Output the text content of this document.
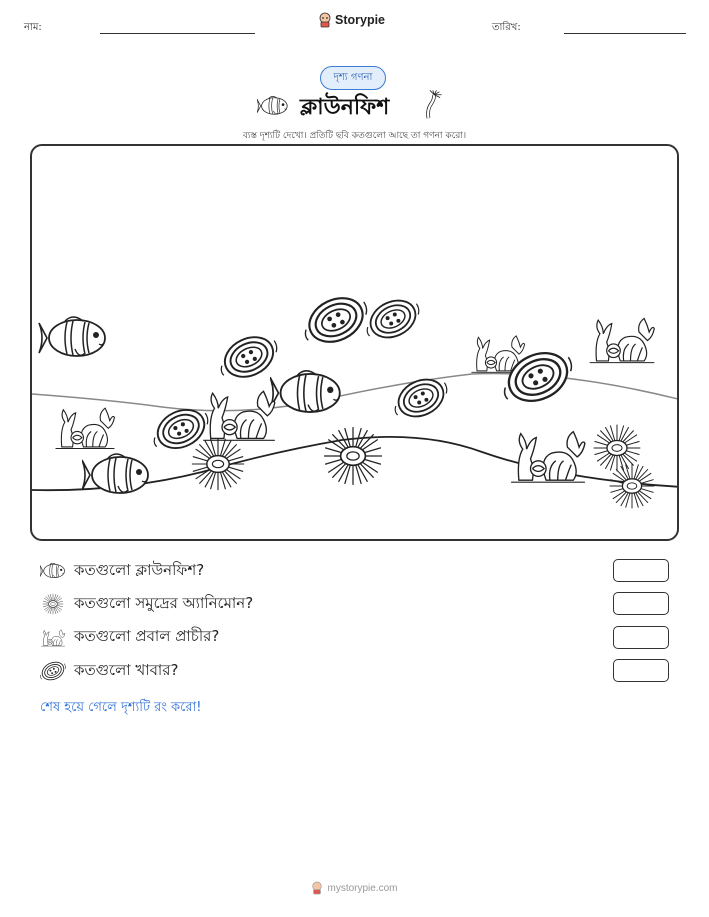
নাম:
Storypie
তারিখ:
দৃশ্য গণনা
ক্লাউনফিশ
ব্যস্ত দৃশ্যটি দেখো। প্রতিটি ছবি কতগুলো আছে তা গণনা করো।
কতগুলো ক্লাউনফিশ?
কতগুলো সমুদ্রের অ্যানিমোন?
কতগুলো প্রবাল প্রাচীর?
কতগুলো খাবার?
শেষ হয়ে গেলে দৃশ্যটি রং করো!
mystorypie.com
